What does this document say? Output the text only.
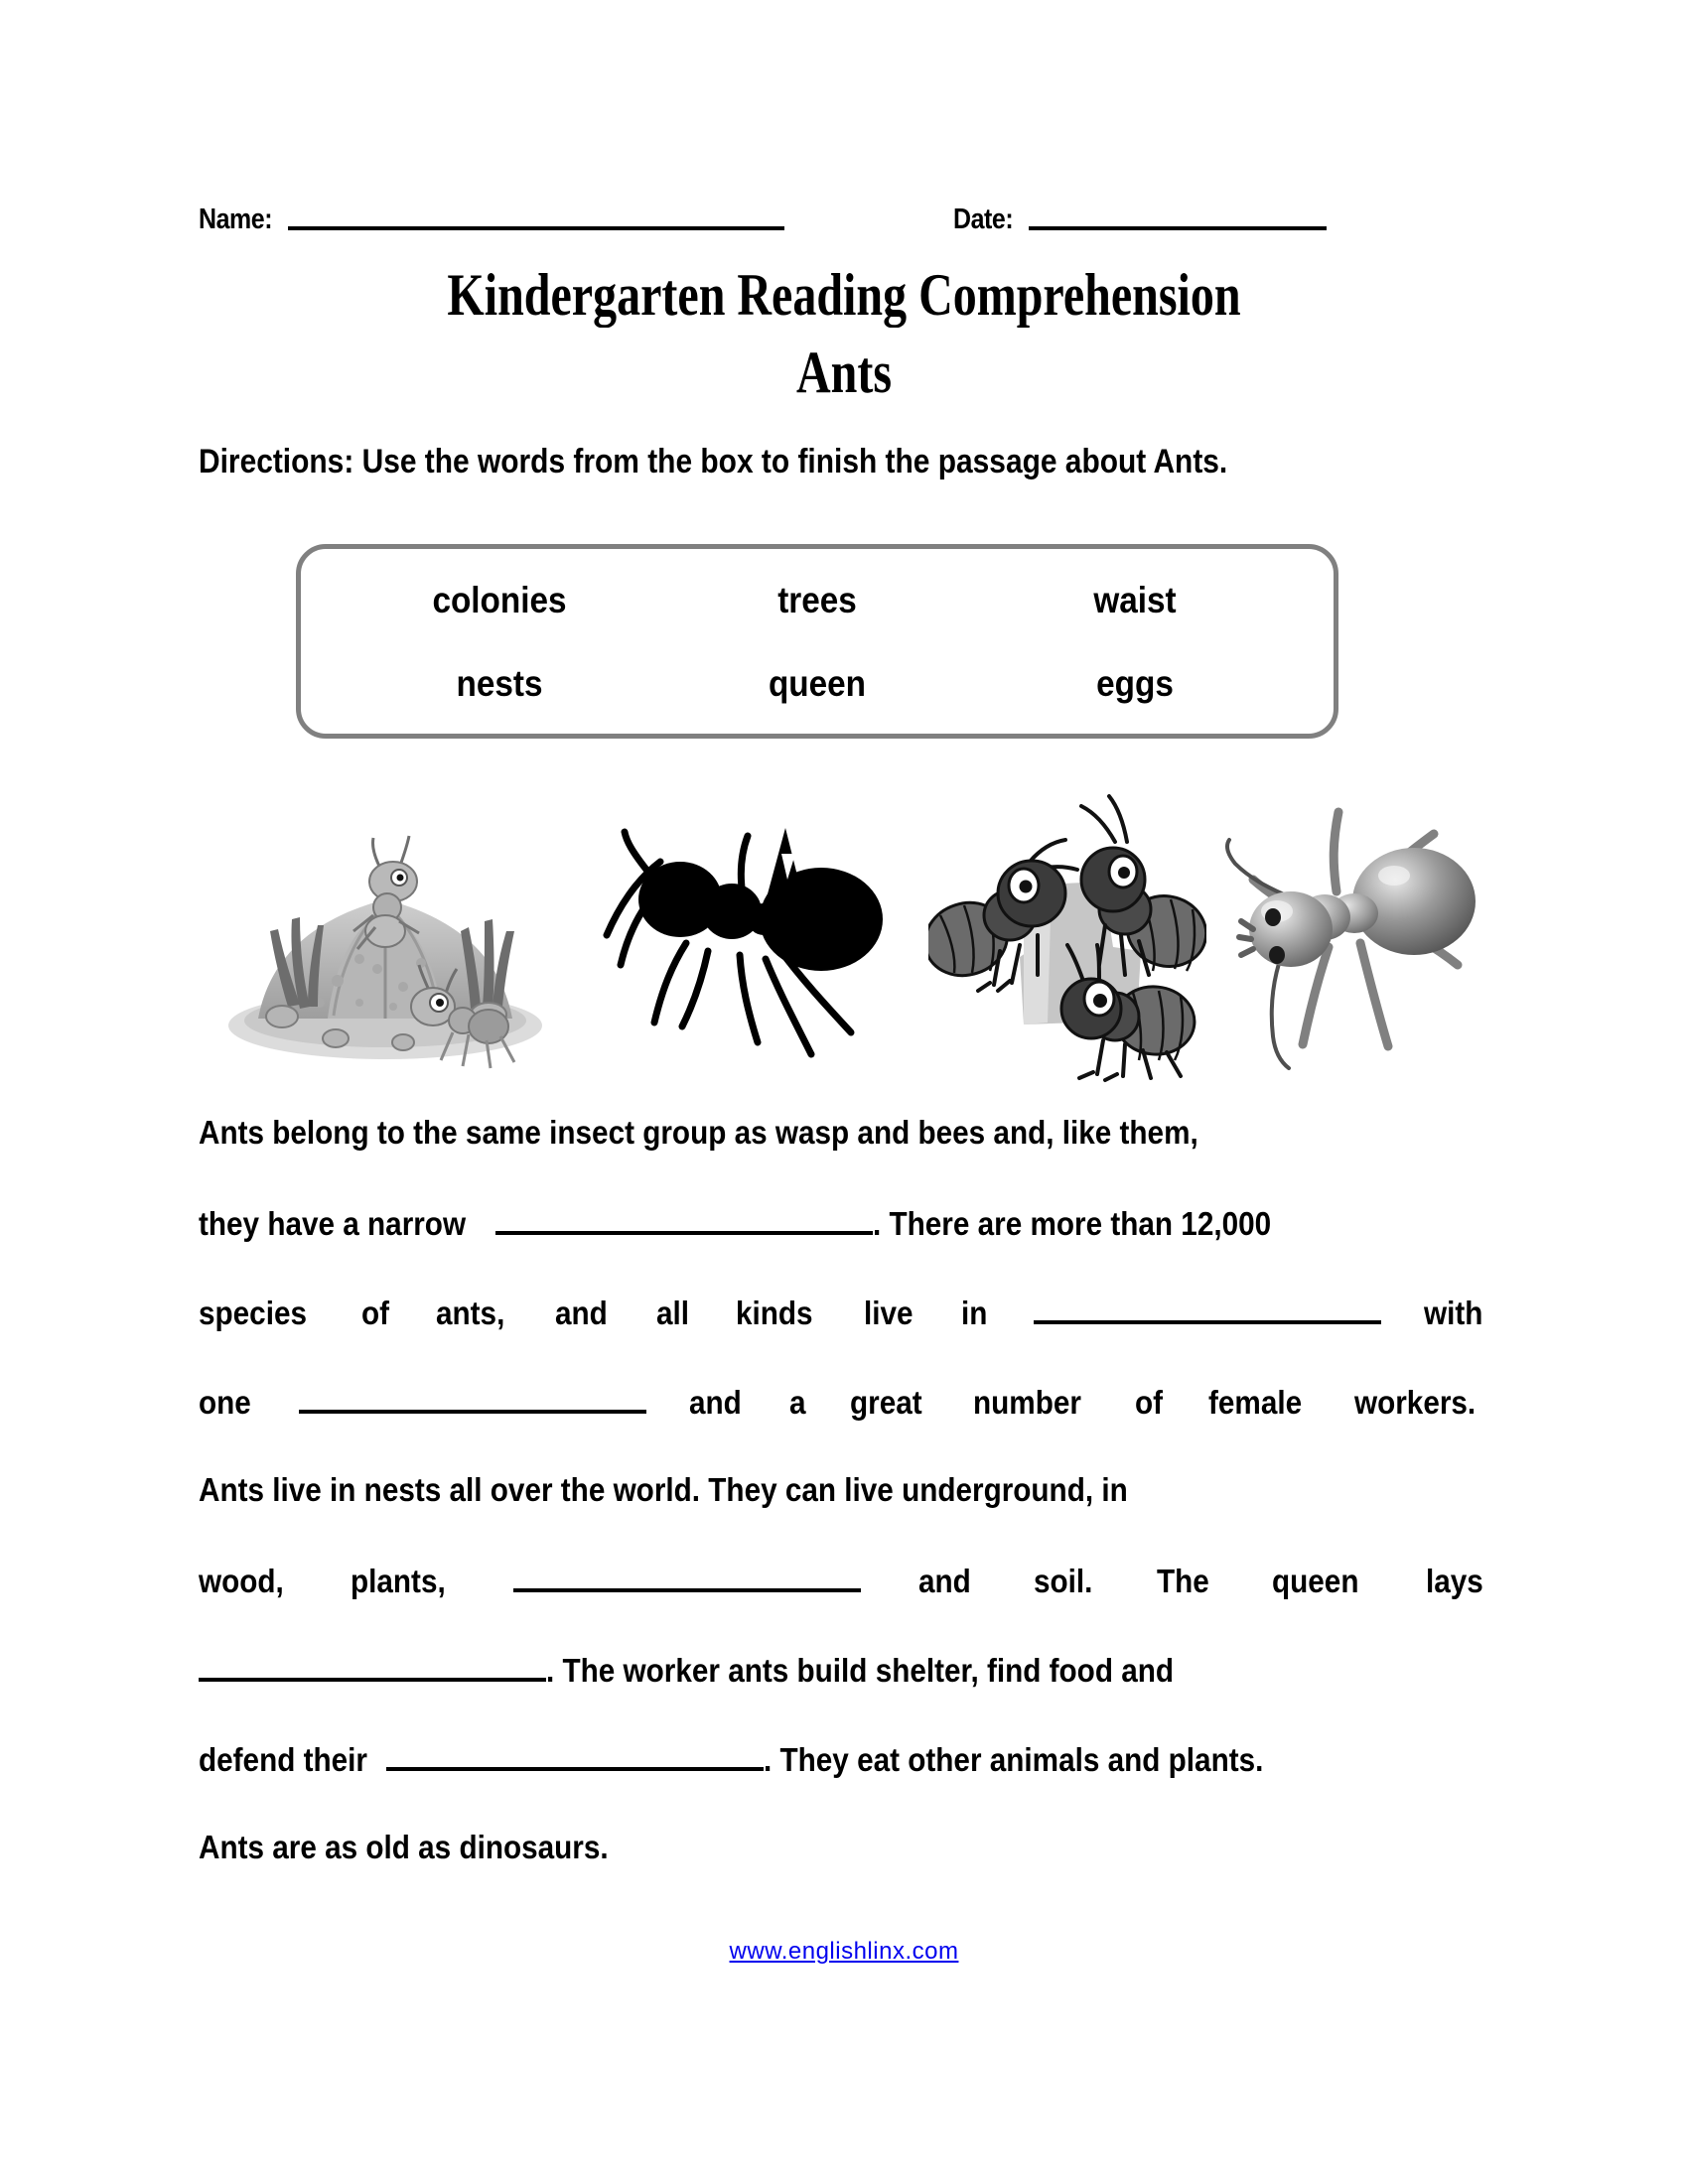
Name:	Date:
Kindergarten Reading Comprehension
Ants
Directions: Use the words from the box to finish the passage about Ants.
colonies	trees	waist
nests	queen	eggs
Ants belong to the same insect group as wasp and bees and, like them,
they have a narrow	. There are more than 12,000
species of ants, and all kinds live in	with
one	and a great number of female workers.
Ants live in nests all over the world. They can live underground, in
wood, plants,	and soil. The queen lays
. The worker ants build shelter, find food and
defend their	. They eat other animals and plants.
Ants are as old as dinosaurs.
www.englishlinx.com
